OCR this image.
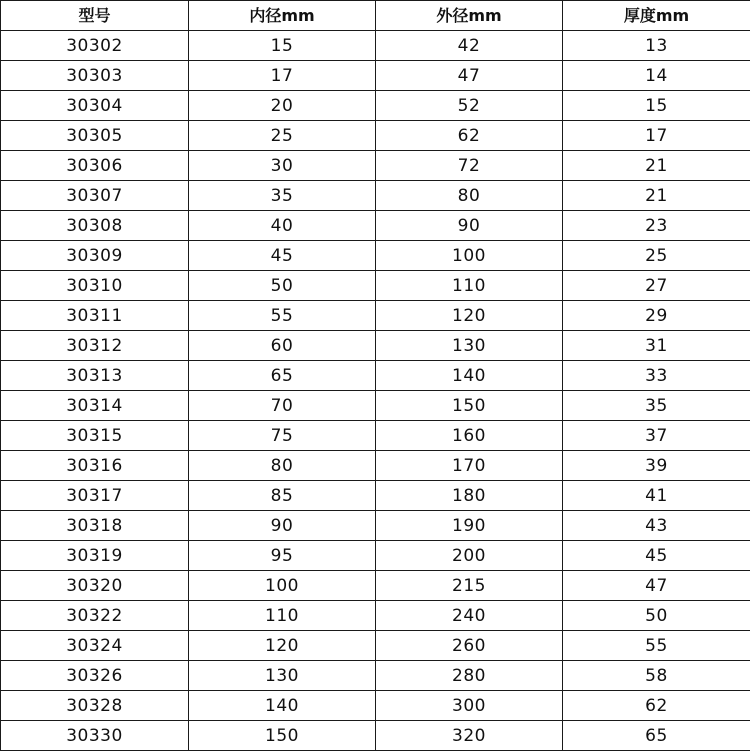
型号	内径mm	外径mm	厚度mm
30302	15	42	13
30303	17	47	14
30304	20	52	15
30305	25	62	17
30306	30	72	21
30307	35	80	21
30308	40	90	23
30309	45	100	25
30310	50	110	27
30311	55	120	29
30312	60	130	31
30313	65	140	33
30314	70	150	35
30315	75	160	37
30316	80	170	39
30317	85	180	41
30318	90	190	43
30319	95	200	45
30320	100	215	47
30322	110	240	50
30324	120	260	55
30326	130	280	58
30328	140	300	62
30330	150	320	65
